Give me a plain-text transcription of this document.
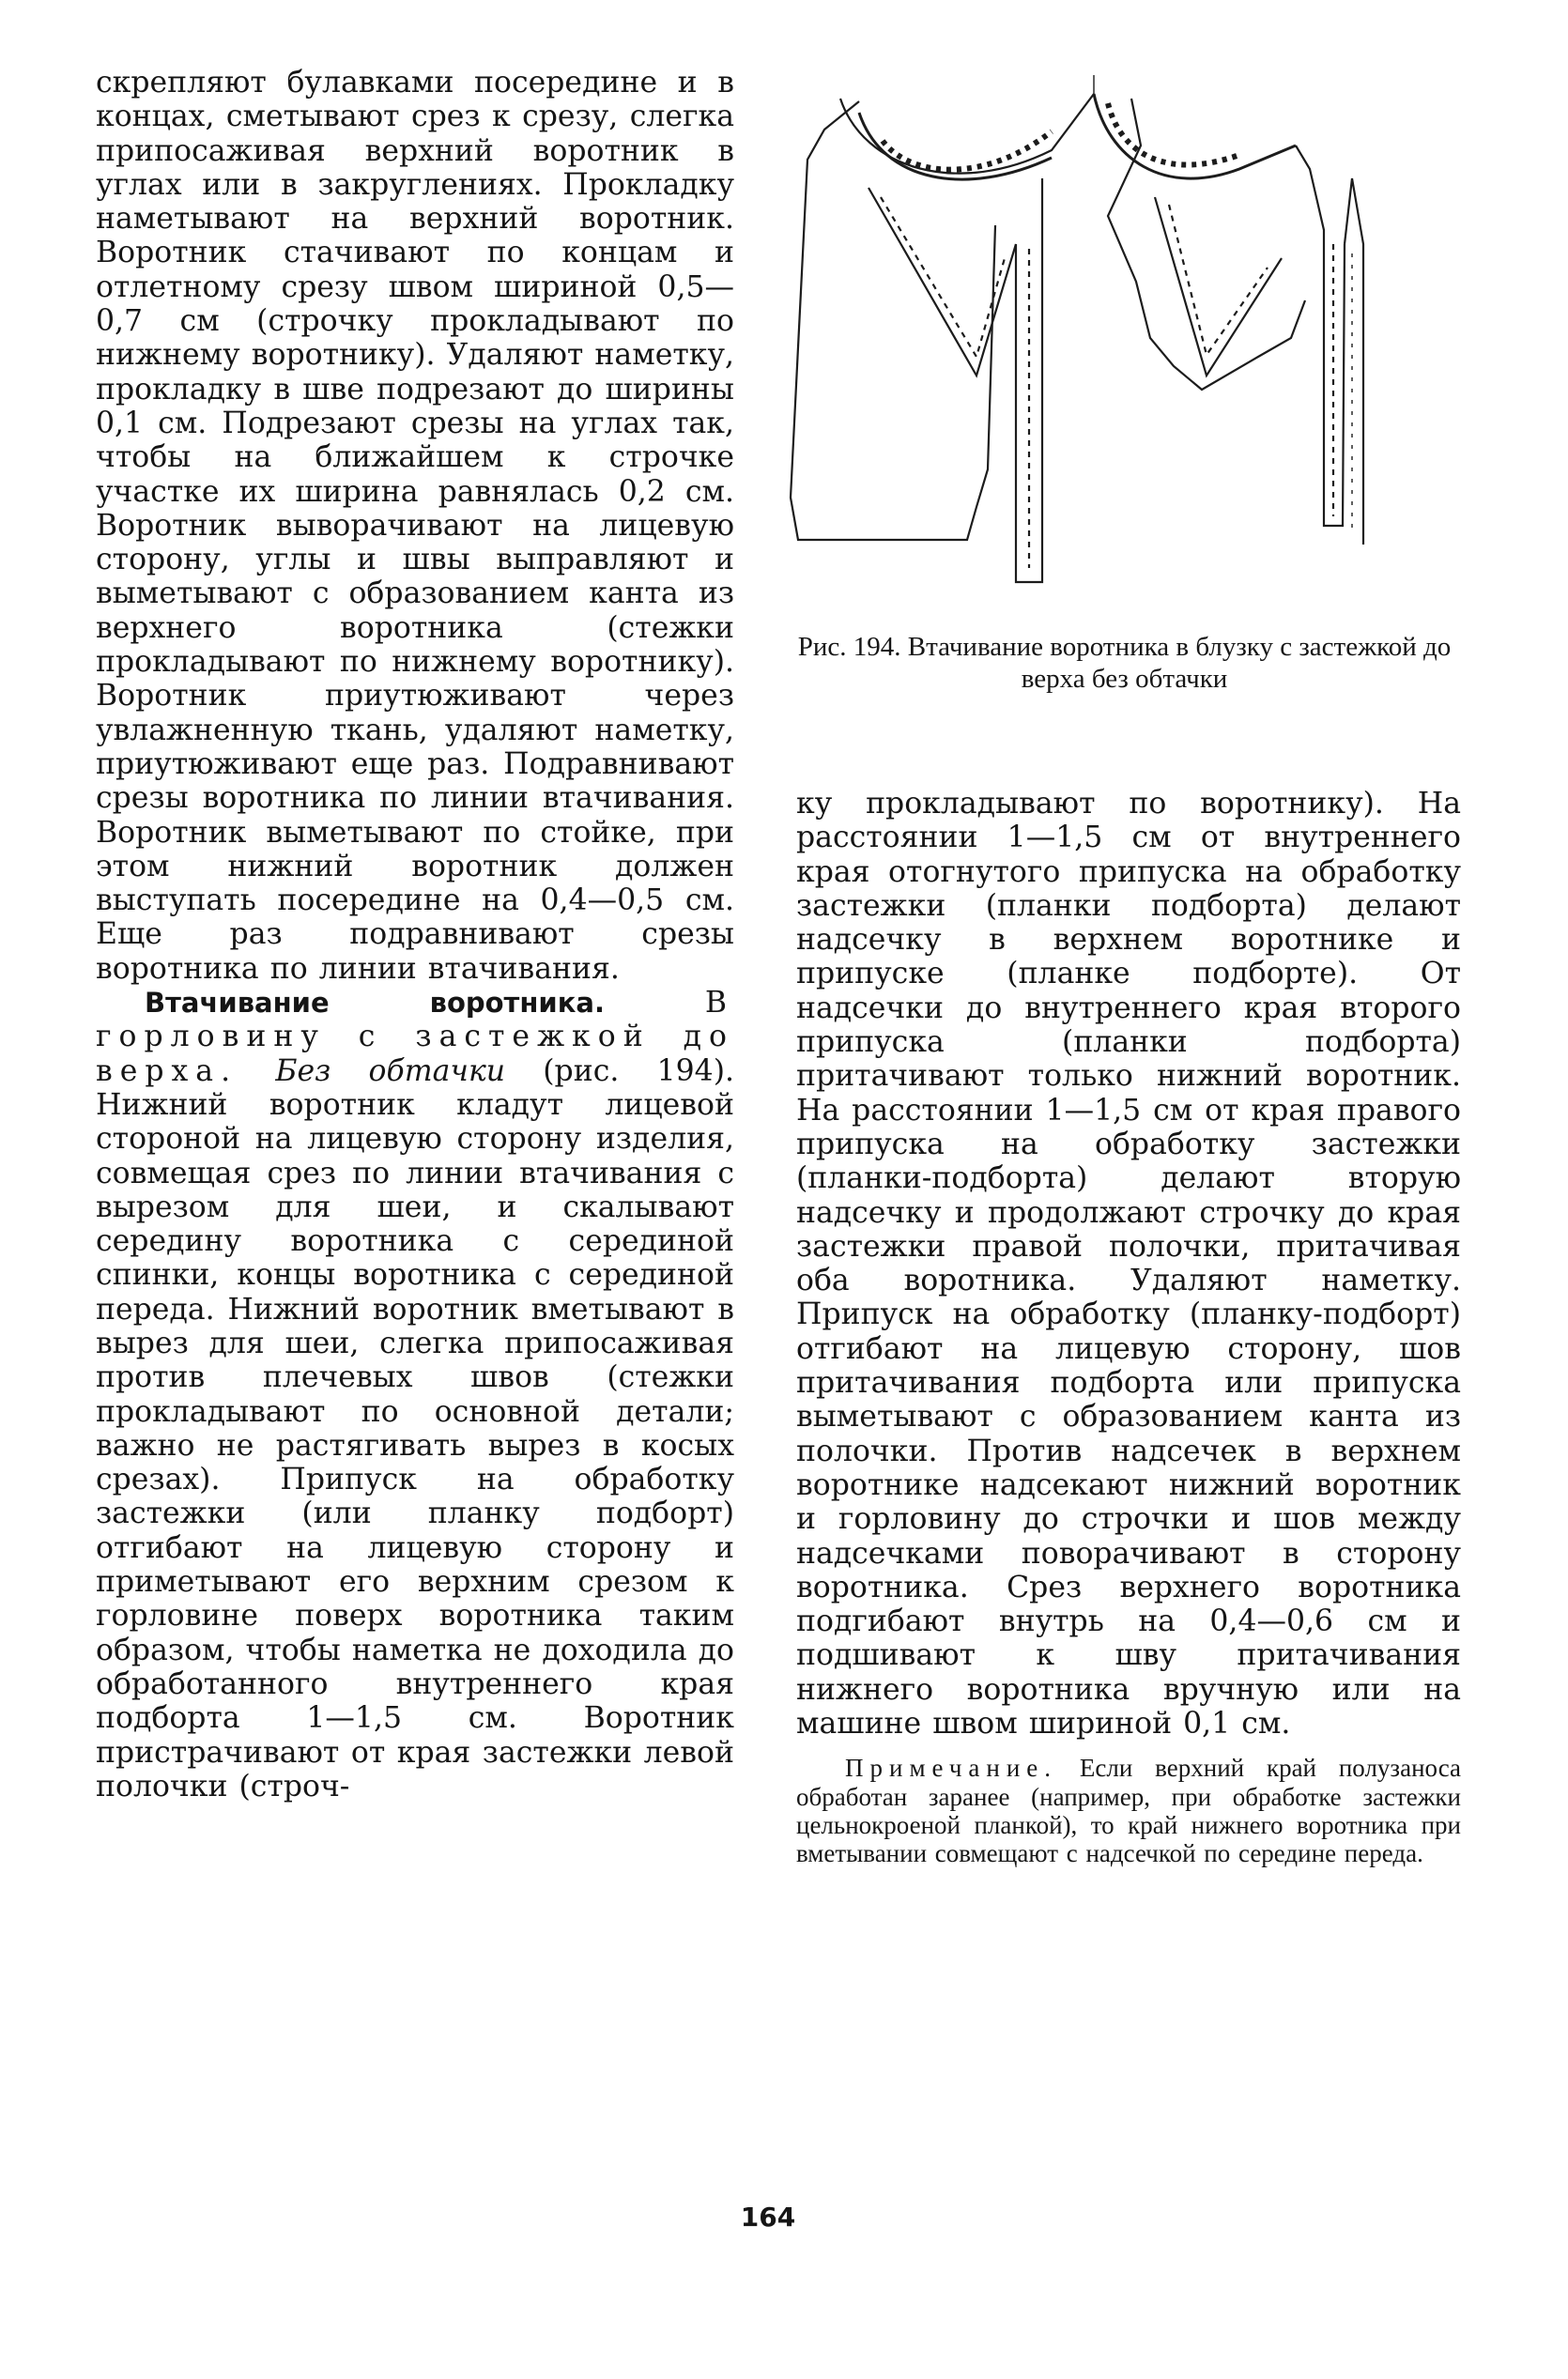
скрепляют булавками посередине и в концах, сметывают срез к срезу, слегка припосаживая верхний воротник в углах или в закруглениях. Прокладку наметывают на верхний воротник. Воротник стачивают по концам и отлетному срезу швом шириной 0,5—0,7 см (строчку прокладывают по нижнему воротнику). Удаляют наметку, прокладку в шве подрезают до ширины 0,1 см. Подрезают срезы на углах так, чтобы на ближайшем к строчке участке их ширина равнялась 0,2 см. Воротник выворачивают на лицевую сторону, углы и швы выправляют и выметывают с образованием канта из верхнего воротника (стежки прокладывают по нижнему воротнику). Воротник приутюживают через увлажненную ткань, удаляют наметку, приутюживают еще раз. Подравнивают срезы воротника по линии втачивания. Воротник выметывают по стойке, при этом нижний воротник должен выступать посередине на 0,4—0,5 см. Еще раз подравнивают срезы воротника по линии втачивания.

Втачивание воротника.	В горловину с застежкой до верха. Без обтачки (рис. 194). Нижний воротник кладут лицевой стороной на лицевую сторону изделия, совмещая срез по линии втачивания с вырезом для шеи, и скалывают середину воротника с серединой спинки, концы воротника с серединой переда. Нижний воротник вметывают в вырез для шеи, слегка припосаживая против плечевых швов (стежки прокладывают по основной детали; важно не растягивать вырез в косых срезах). Припуск на обработку застежки (или планку подборт) отгибают на лицевую сторону и приметывают его верхним срезом к горловине поверх воротника таким образом, чтобы наметка не доходила до обработанного внутреннего края подборта 1—1,5 см. Воротник пристрачивают от края застежки левой полочки (строч-

Рис. 194. Втачивание воротника в блузку с застежкой до верха без обтачки

ку прокладывают по воротнику). На расстоянии 1—1,5 см от внутреннего края отогнутого припуска на обработку застежки (планки подборта) делают надсечку в верхнем воротнике и припуске (планке подборте). От надсечки до внутреннего края второго припуска (планки подборта) притачивают только нижний воротник. На расстоянии 1—1,5 см от края правого припуска на обработку застежки (планки-подборта) делают вторую надсечку и продолжают строчку до края застежки правой полочки, притачивая оба воротника. Удаляют наметку. Припуск на обработку (планку-подборт) отгибают на лицевую сторону, шов притачивания подборта или припуска выметывают с образованием канта из полочки. Против надсечек в верхнем воротнике надсекают нижний воротник и горловину до строчки и шов между надсечками поворачивают в сторону воротника. Срез верхнего воротника подгибают внутрь на 0,4—0,6 см и подшивают к шву притачивания нижнего воротника вручную или на машине швом шириной 0,1 см.

Примечание. Если верхний край полузаноса обработан заранее (например, при обработке застежки цельнокроеной планкой), то край нижнего воротника при вметывании совмещают с надсечкой по середине переда.

164
